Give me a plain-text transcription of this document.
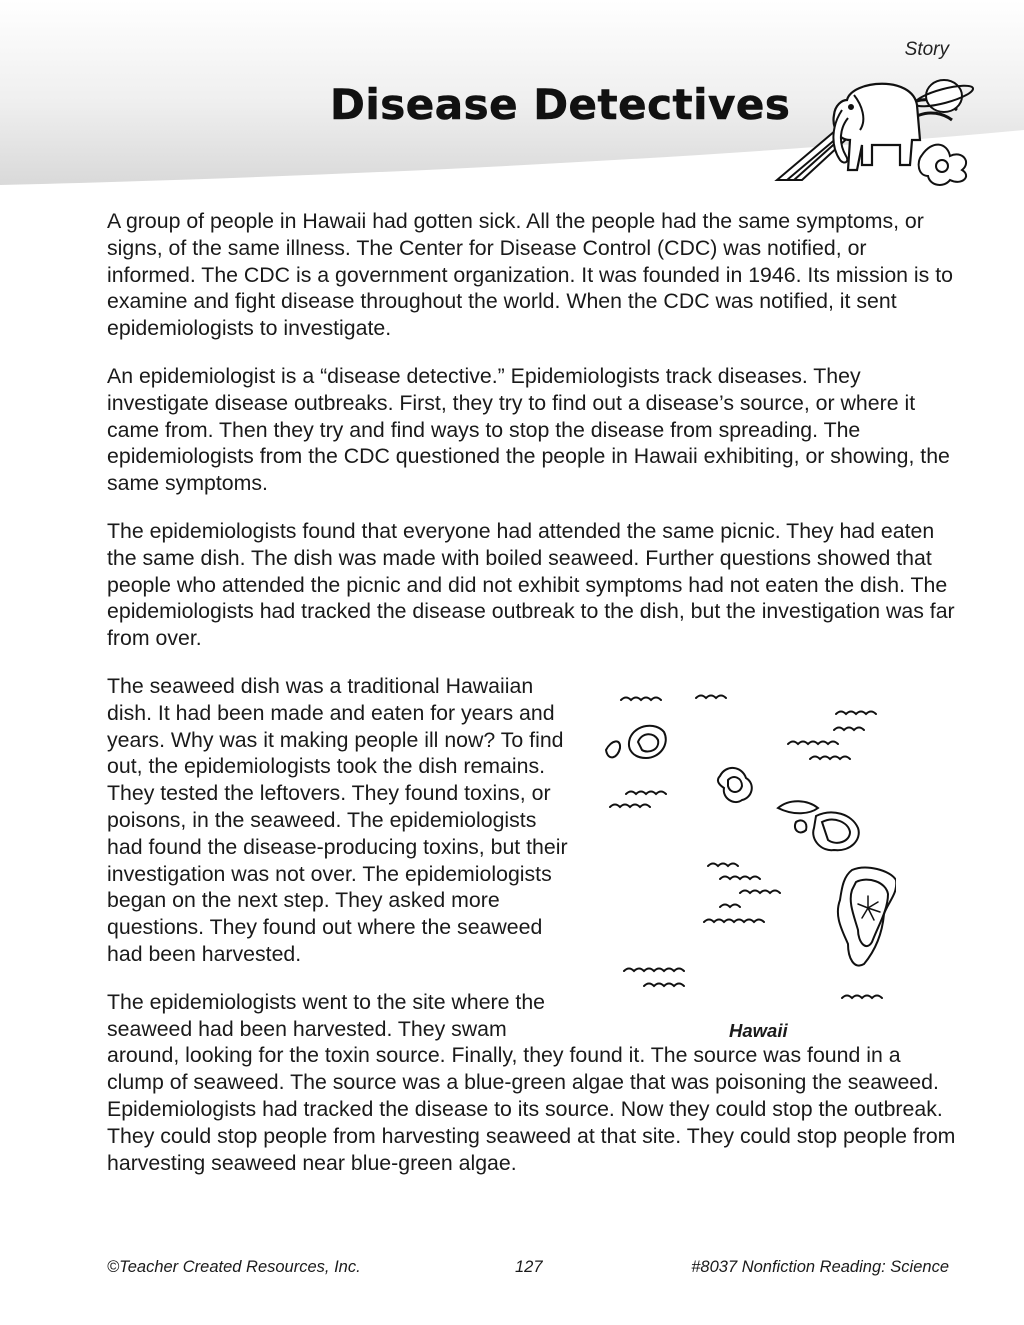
Story
Disease Detectives

A group of people in Hawaii had gotten sick. All the people had the same symptoms, or signs, of the same illness. The Center for Disease Control (CDC) was notified, or informed. The CDC is a government organization. It was founded in 1946. Its mission is to examine and fight disease throughout the world. When the CDC was notified, it sent epidemiologists to investigate.

An epidemiologist is a “disease detective.” Epidemiologists track diseases. They investigate disease outbreaks. First, they try to find out a disease’s source, or where it came from. Then they try and find ways to stop the disease from spreading. The epidemiologists from the CDC questioned the people in Hawaii exhibiting, or showing, the same symptoms.

The epidemiologists found that everyone had attended the same picnic. They had eaten the same dish. The dish was made with boiled seaweed. Further questions showed that people who attended the picnic and did not exhibit symptoms had not eaten the dish. The epidemiologists had tracked the disease outbreak to the dish, but the investigation was far from over.

The seaweed dish was a traditional Hawaiian dish. It had been made and eaten for years and years. Why was it making people ill now? To find out, the epidemiologists took the dish remains. They tested the leftovers. They found toxins, or poisons, in the seaweed. The epidemiologists had found the disease-producing toxins, but their investigation was not over. The epidemiologists began on the next step. They asked more questions. They found out where the seaweed had been harvested.

The epidemiologists went to the site where the seaweed had been harvested. They swam around, looking for the toxin source. Finally, they found it. The source was found in a clump of seaweed. The source was a blue-green algae that was poisoning the seaweed. Epidemiologists had tracked the disease to its source. Now they could stop the outbreak. They could stop people from harvesting seaweed at that site. They could stop people from harvesting seaweed near blue-green algae.

Hawaii
©Teacher Created Resources, Inc.	127	#8037 Nonfiction Reading: Science
